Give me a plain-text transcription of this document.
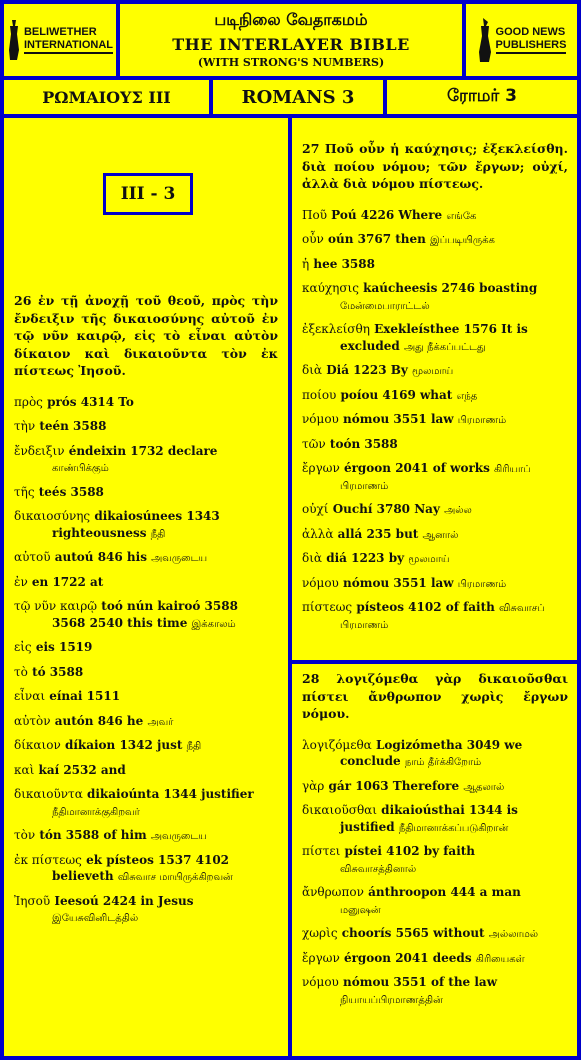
BELIWETHER
INTERNATIONAL
படிநிலை வேதாகமம்
THE INTERLAYER BIBLE
(WITH STRONG'S NUMBERS)
GOOD NEWS
PUBLISHERS
ΡΩΜΑΙΟΥΣ III	ROMANS 3	ரோமர் 3
III - 3

26 ἐν τῇ ἀνοχῇ τοῦ θεοῦ, πρὸς τὴν ἔνδειξιν τῆς δικαιοσύνης αὐτοῦ ἐν τῷ νῦν καιρῷ, εἰς τὸ εἶναι αὐτὸν δίκαιον καὶ δικαιοῦντα τὸν ἐκ πίστεως Ἰησοῦ.

πρὸς prós 4314 To

τὴν teén 3588

ἔνδειξιν éndeixin 1732 declare
காண்பிக்கும்

τῆς teés 3588

δικαιοσύνης dikaiosúnees 1343
righteousness நீதி

αὐτοῦ autoú 846 his அவருடைய

ἐν en 1722 at

τῷ νῦν καιρῷ toó nún kairoó 3588
3568 2540 this time இக்காலம்

εἰς eis 1519

τὸ tó 3588

εἶναι eínai 1511

αὐτὸν autón 846 he அவர்

δίκαιον díkaion 1342 just நீதி

καὶ kaí 2532 and

δικαιοῦντα dikaioúnta 1344 justifier
நீதிமானாக்குகிறவர்

τὸν tón 3588 of him அவருடைய

ἐκ πίστεως ek písteos 1537 4102
believeth விசுவாச மாயிருக்கிறவன்

Ἰησοῦ Ieesoú 2424 in Jesus
இயேசுவினிடத்தில்

27 Ποῦ οὖν ἡ καύχησις; ἐξεκλείσθη. διὰ ποίου νόμου; τῶν ἔργων; οὐχί, ἀλλὰ διὰ νόμου πίστεως.

Ποῦ Poú 4226 Where எங்கே

οὖν oún 3767 then இப்படியிருக்க

ἡ hee 3588

καύχησις kaúcheesis 2746 boasting
மேன்மைபாராட்டல்

ἐξεκλείσθη Exekleísthee 1576 It is
excluded அது நீக்கப்பட்டது

διὰ Diá 1223 By மூலமாய்

ποίου poíou 4169 what எந்த

νόμου nómou 3551 law பிரமாணம்

τῶν toón 3588

ἔργων érgoon 2041 of works கிரியாப்
பிரமாணம்

οὐχί Ouchí 3780 Nay அல்ல

ἀλλὰ allá 235 but ஆனால்

διὰ diá 1223 by மூலமாய்

νόμου nómou 3551 law பிரமாணம்

πίστεως písteos 4102 of faith விசுவாசப்
பிரமாணம்

28 λογιζόμεθα γὰρ δικαιοῦσθαι πίστει ἄνθρωπον χωρὶς ἔργων νόμου.

λογιζόμεθα Logizómetha 3049 we
conclude நாம் தீர்க்கிறோம்

γὰρ gár 1063 Therefore ஆதலால்

δικαιοῦσθαι dikaioústhai 1344 is
justified நீதிமானாக்கப்படுகிறான்

πίστει pístei 4102 by faith
விசுவாசத்தினால்

ἄνθρωπον ánthroopon 444 a man
மனுஷன்

χωρὶς choorís 5565 without அல்லாமல்

ἔργων érgoon 2041 deeds கிரியைகள்

νόμου nómou 3551 of the law
நியாயப்பிரமாணத்தின்
